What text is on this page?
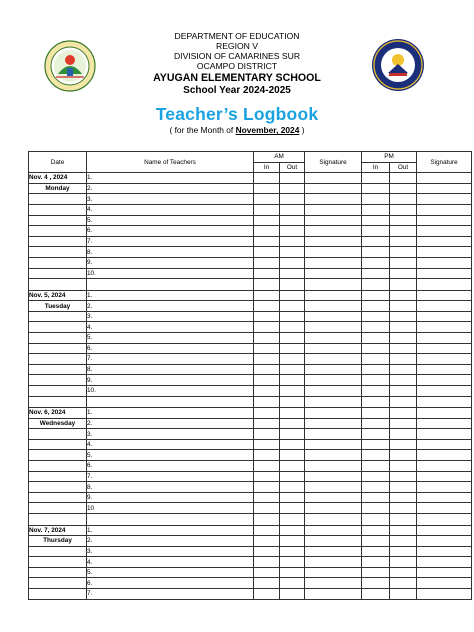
DEPARTMENT OF EDUCATION
REGION V
DIVISION OF CAMARINES SUR
OCAMPO DISTRICT
AYUGAN ELEMENTARY SCHOOL
School Year 2024-2025
Teacher’s Logbook
( for the Month of November, 2024 )
Date	Name of Teachers	AM		Signature	PM		Signature
		In	Out		In	Out	
Nov. 4 , 2024	1.						
Monday	2.						
	3.						
	4.						
	5.						
	6.						
	7.						
	8.						
	9.						
	10.						

Nov. 5, 2024	1.						
Tuesday	2.						
	3.						
	4.						
	5.						
	6.						
	7.						
	8.						
	9.						
	10.						

Nov. 6, 2024	1.						
Wednesday	2.						
	3.						
	4.						
	5.						
	6.						
	7.						
	8.						
	9.						
	10						

Nov. 7, 2024	1.						
Thursday	2.						
	3.						
	4.						
	5.						
	6.						
	7.						
